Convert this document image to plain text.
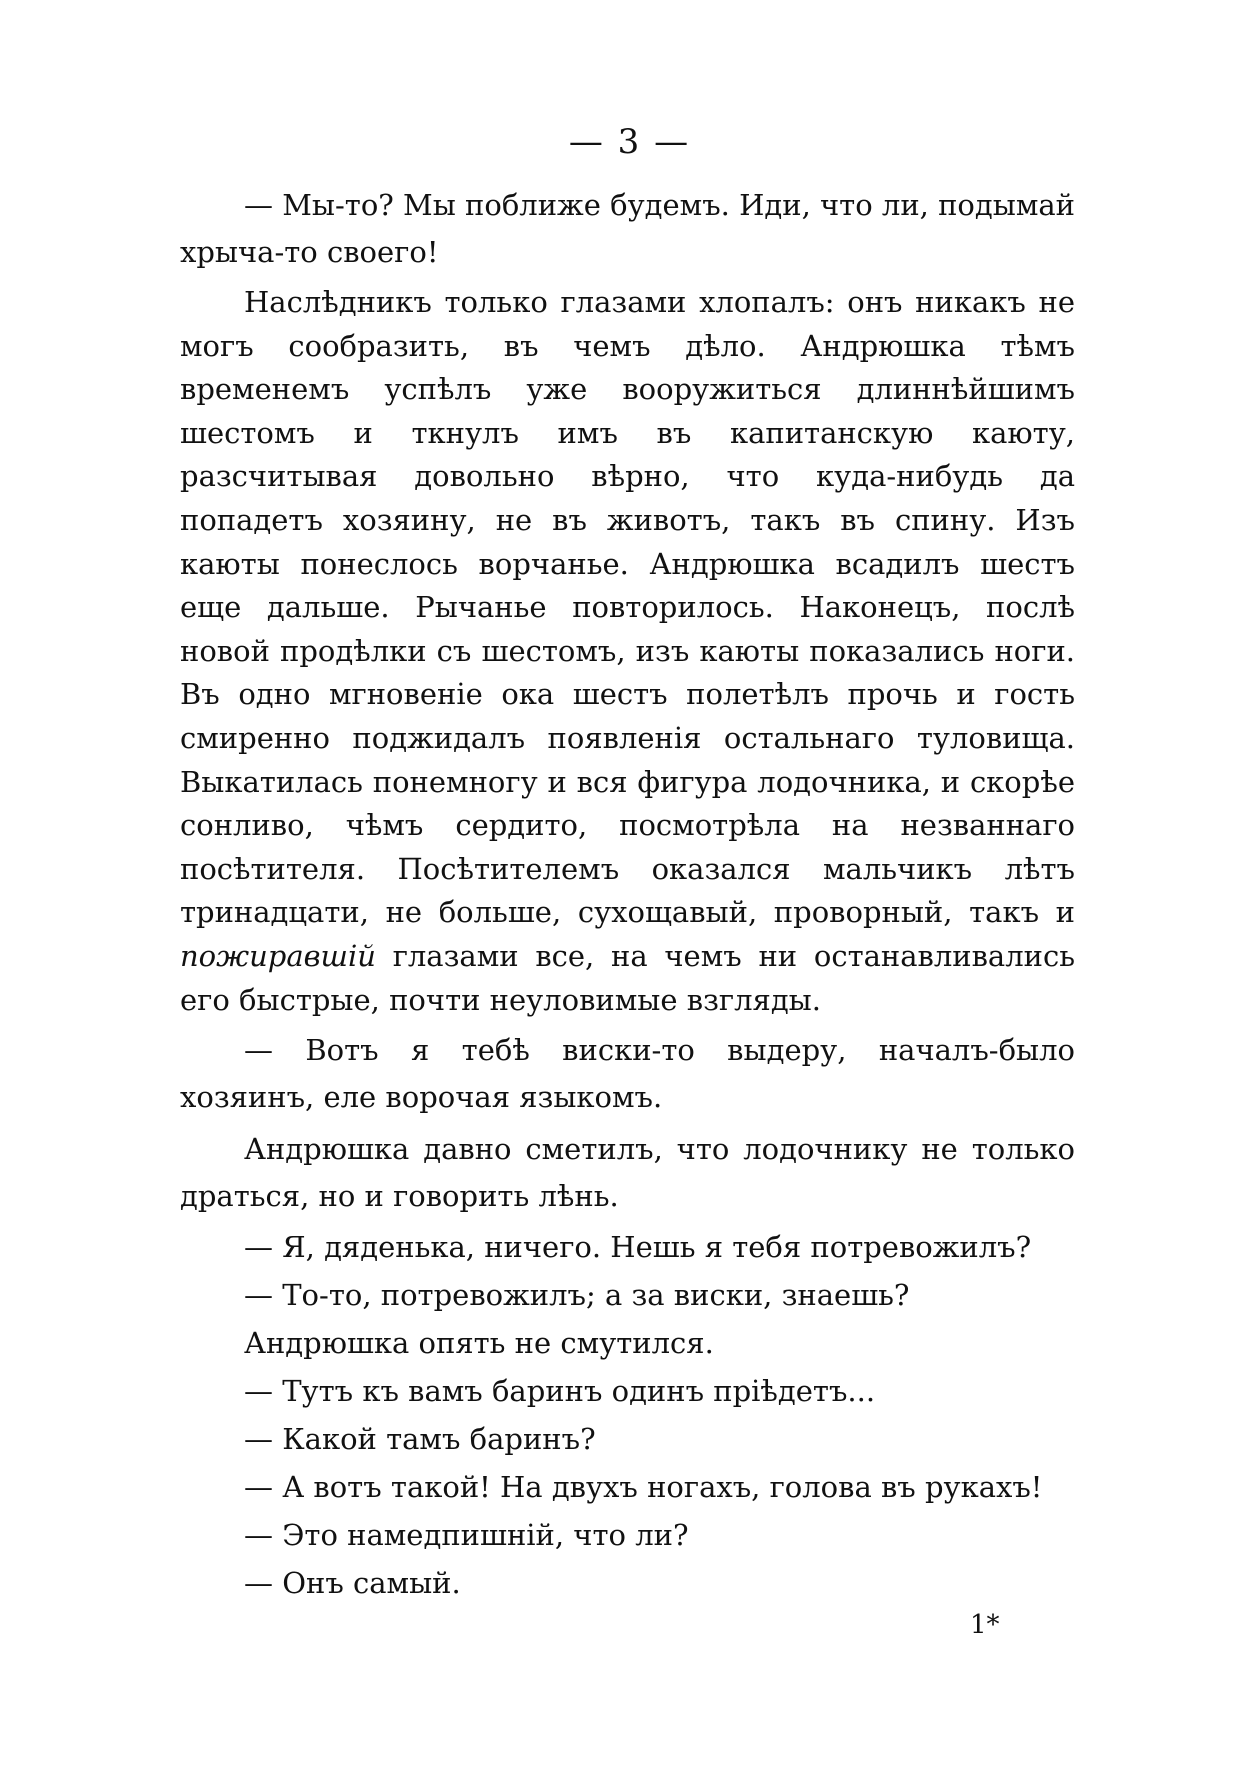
— 3 —

— Мы-то? Мы поближе будемъ. Иди, что ли, подымай хрыча-то своего!

Наслѣдникъ только глазами хлопалъ: онъ никакъ не могъ сообразить, въ чемъ дѣло. Андрюшка тѣмъ временемъ успѣлъ уже вооружиться длиннѣйшимъ шестомъ и ткнулъ имъ въ капитанскую каюту, разсчитывая довольно вѣрно, что куда-нибудь да попадетъ хозяину, не въ животъ, такъ въ спину. Изъ каюты понеслось ворчанье. Андрюшка всадилъ шестъ еще дальше. Рычанье повторилось. Наконецъ, послѣ новой продѣлки съ шестомъ, изъ каюты показались ноги. Въ одно мгновеніе ока шестъ полетѣлъ прочь и гость смиренно поджидалъ появленія остальнаго туловища. Выкатилась понемногу и вся фигура лодочника, и скорѣе сонливо, чѣмъ сердито, посмотрѣла на незваннаго посѣтителя. Посѣтителемъ оказался мальчикъ лѣтъ тринадцати, не больше, сухощавый, проворный, такъ и пожиравшій глазами все, на чемъ ни останавливались его быстрые, почти неуловимые взгляды.

— Вотъ я тебѣ виски-то выдеру, началъ-было хозяинъ, еле ворочая языкомъ.

Андрюшка давно сметилъ, что лодочнику не только драться, но и говорить лѣнь.

— Я, дяденька, ничего. Нешь я тебя потревожилъ?

— То-то, потревожилъ; а за виски, знаешь?

Андрюшка опять не смутился.

— Тутъ къ вамъ баринъ одинъ пріѣдетъ...

— Какой тамъ баринъ?

— А вотъ такой! На двухъ ногахъ, голова въ рукахъ!

— Это намедпишній, что ли?

— Онъ самый.

1*
